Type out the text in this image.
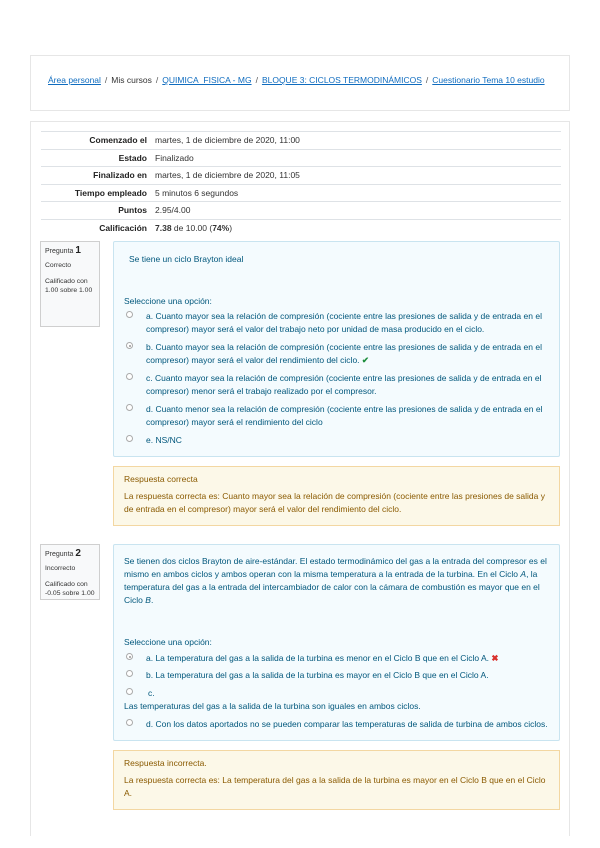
Área personal / Mis cursos / QUIMICA_FISICA - MG / BLOQUE 3: CICLOS TERMODINÁMICOS / Cuestionario Tema 10 estudio
Comenzado el	martes, 1 de diciembre de 2020, 11:00
Estado	Finalizado
Finalizado en	martes, 1 de diciembre de 2020, 11:05
Tiempo empleado	5 minutos 6 segundos
Puntos	2.95/4.00
Calificación	7.38 de 10.00 (74%)
Pregunta 1
Correcto
Calificado con 1.00 sobre 1.00
Se tiene un ciclo Brayton ideal
Seleccione una opción:
a. Cuanto mayor sea la relación de compresión (cociente entre las presiones de salida y de entrada en el compresor) mayor será el valor del trabajo neto por unidad de masa producido en el ciclo.
b. Cuanto mayor sea la relación de compresión (cociente entre las presiones de salida y de entrada en el compresor) mayor será el valor del rendimiento del ciclo. ✔
c. Cuanto mayor sea la relación de compresión (cociente entre las presiones de salida y de entrada en el compresor) menor será el trabajo realizado por el compresor.
d. Cuanto menor sea la relación de compresión (cociente entre las presiones de salida y de entrada en el compresor) mayor será el rendimiento del ciclo
e. NS/NC
Respuesta correcta
La respuesta correcta es: Cuanto mayor sea la relación de compresión (cociente entre las presiones de salida y de entrada en el compresor) mayor será el valor del rendimiento del ciclo.
Pregunta 2
Incorrecto
Calificado con -0.05 sobre 1.00
Se tienen dos ciclos Brayton de aire-estándar. El estado termodinámico del gas a la entrada del compresor es el mismo en ambos ciclos y ambos operan con la misma temperatura a la entrada de la turbina. En el Ciclo A, la temperatura del gas a la entrada del intercambiador de calor con la cámara de combustión es mayor que en el Ciclo B.
Seleccione una opción:
a. La temperatura del gas a la salida de la turbina es menor en el Ciclo B que en el Ciclo A. ✖
b. La temperatura del gas a la salida de la turbina es mayor en el Ciclo B que en el Ciclo A.
c.
Las temperaturas del gas a la salida de la turbina son iguales en ambos ciclos.
d. Con los datos aportados no se pueden comparar las temperaturas de salida de turbina de ambos ciclos.
Respuesta incorrecta.
La respuesta correcta es: La temperatura del gas a la salida de la turbina es mayor en el Ciclo B que en el Ciclo A.
